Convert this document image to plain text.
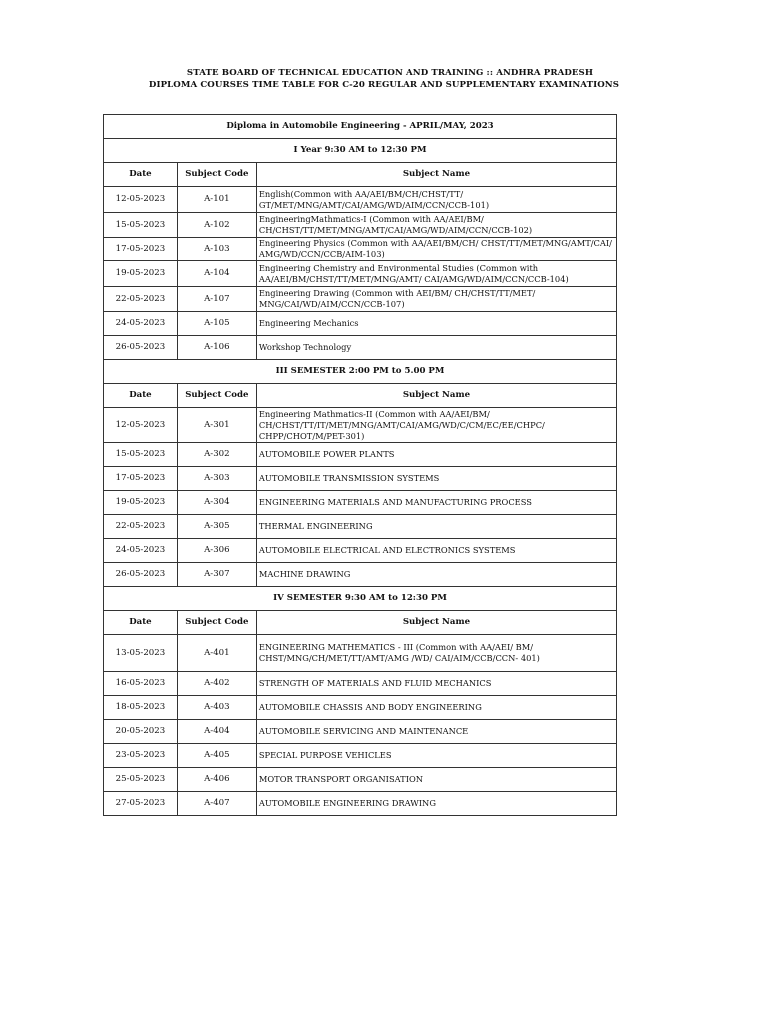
STATE BOARD OF TECHNICAL EDUCATION AND TRAINING :: ANDHRA PRADESH
DIPLOMA COURSES TIME TABLE FOR C-20 REGULAR AND SUPPLEMENTARY EXAMINATIONS
Diploma in Automobile Engineering - APRIL/MAY, 2023		
I Year 9:30 AM to 12:30 PM		
Date	Subject Code	Subject Name
12-05-2023	A-101	English(Common with AA/AEI/BM/CH/CHST/TT/ GT/MET/MNG/AMT/CAI/AMG/WD/AIM/CCN/CCB-101)
15-05-2023	A-102	EngineeringMathmatics-I (Common with AA/AEI/BM/ CH/CHST/TT/MET/MNG/AMT/CAI/AMG/WD/AIM/CCN/CCB-102)
17-05-2023	A-103	Engineering Physics (Common with AA/AEI/BM/CH/ CHST/TT/MET/MNG/AMT/CAI/ AMG/WD/CCN/CCB/AIM-103)
19-05-2023	A-104	Engineering Chemistry and Environmental Studies (Common with AA/AEI/BM/CHST/TT/MET/MNG/AMT/ CAI/AMG/WD/AIM/CCN/CCB-104)
22-05-2023	A-107	Engineering Drawing (Common with AEI/BM/ CH/CHST/TT/MET/ MNG/CAI/WD/AIM/CCN/CCB-107)
24-05-2023	A-105	Engineering Mechanics
26-05-2023	A-106	Workshop Technology
III SEMESTER 2:00 PM to 5.00 PM		
Date	Subject Code	Subject Name
12-05-2023	A-301	Engineering Mathmatics-II (Common with AA/AEI/BM/ CH/CHST/TT/IT/MET/MNG/AMT/CAI/AMG/WD/C/CM/EC/EE/CHPC/ CHPP/CHOT/M/PET-301)
15-05-2023	A-302	AUTOMOBILE POWER PLANTS
17-05-2023	A-303	AUTOMOBILE TRANSMISSION SYSTEMS
19-05-2023	A-304	ENGINEERING MATERIALS AND MANUFACTURING PROCESS
22-05-2023	A-305	THERMAL ENGINEERING
24-05-2023	A-306	AUTOMOBILE ELECTRICAL AND ELECTRONICS SYSTEMS
26-05-2023	A-307	MACHINE DRAWING
IV SEMESTER 9:30 AM to 12:30 PM		
Date	Subject Code	Subject Name
13-05-2023	A-401	ENGINEERING MATHEMATICS - III (Common with AA/AEI/ BM/ CHST/MNG/CH/MET/TT/AMT/AMG /WD/ CAI/AIM/CCB/CCN- 401)
16-05-2023	A-402	STRENGTH OF MATERIALS AND FLUID MECHANICS
18-05-2023	A-403	AUTOMOBILE CHASSIS AND BODY ENGINEERING
20-05-2023	A-404	AUTOMOBILE SERVICING AND MAINTENANCE
23-05-2023	A-405	SPECIAL PURPOSE VEHICLES
25-05-2023	A-406	MOTOR TRANSPORT ORGANISATION
27-05-2023	A-407	AUTOMOBILE ENGINEERING DRAWING
